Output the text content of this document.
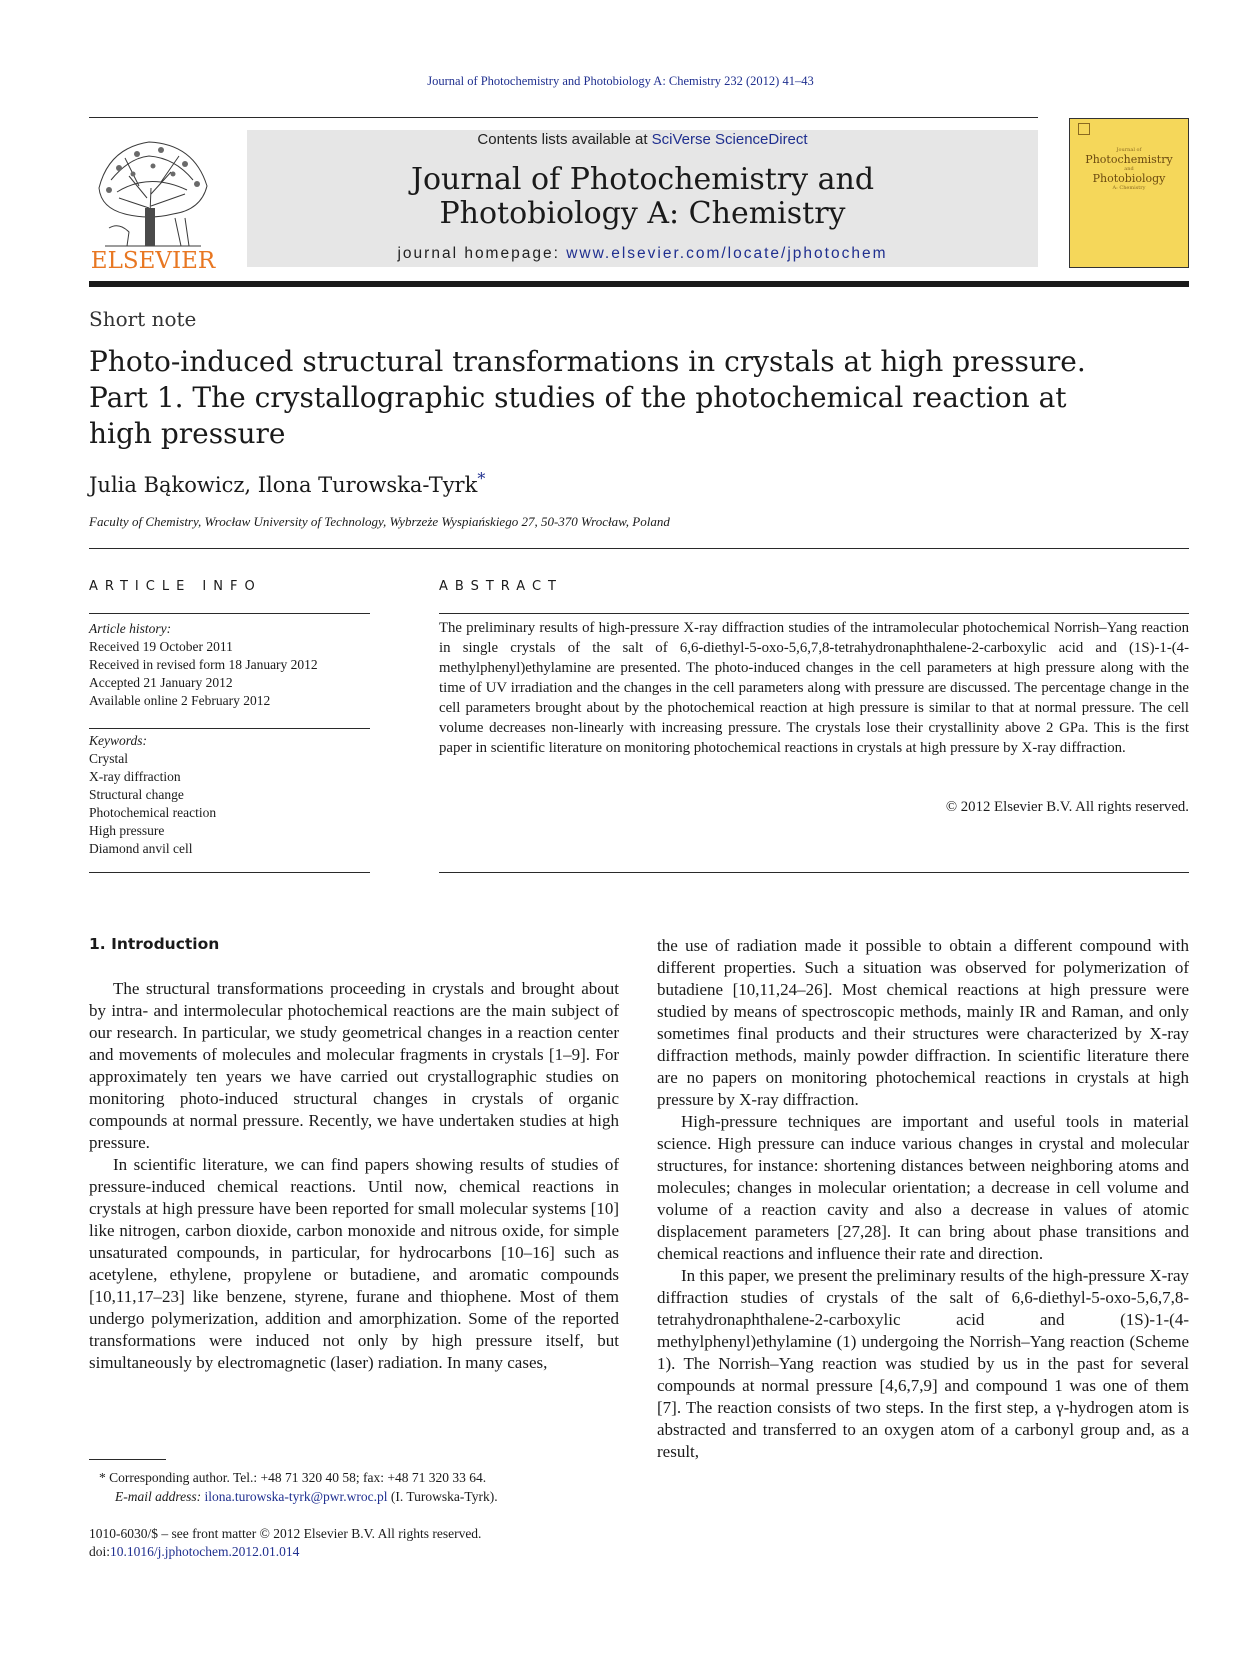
Journal of Photochemistry and Photobiology A: Chemistry 232 (2012) 41–43
ELSEVIER
Contents lists available at SciVerse ScienceDirect
Journal of Photochemistry and Photobiology A: Chemistry
journal homepage: www.elsevier.com/locate/jphotochem
Journal of
Photochemistry

and
Photobiology

A: Chemistry
Short note
Photo-induced structural transformations in crystals at high pressure.
Part 1. The crystallographic studies of the photochemical reaction at
high pressure
Julia Bąkowicz, Ilona Turowska-Tyrk*
Faculty of Chemistry, Wrocław University of Technology, Wybrzeże Wyspiańskiego 27, 50-370 Wrocław, Poland
ARTICLE INFO	ABSTRACT
Article history:
Received 19 October 2011
Received in revised form 18 January 2012
Accepted 21 January 2012
Available online 2 February 2012
Keywords:
Crystal
X-ray diffraction
Structural change
Photochemical reaction
High pressure
Diamond anvil cell
The preliminary results of high-pressure X-ray diffraction studies of the intramolecular photochemical Norrish–Yang reaction in single crystals of the salt of 6,6-diethyl-5-oxo-5,6,7,8-tetrahydronaphthalene-2-carboxylic acid and (1S)-1-(4-methylphenyl)ethylamine are presented. The photo-induced changes in the cell parameters at high pressure along with the time of UV irradiation and the changes in the cell parameters along with pressure are discussed. The percentage change in the cell parameters brought about by the photochemical reaction at high pressure is similar to that at normal pressure. The cell volume decreases non-linearly with increasing pressure. The crystals lose their crystallinity above 2 GPa. This is the first paper in scientific literature on monitoring photochemical reactions in crystals at high pressure by X-ray diffraction.
© 2012 Elsevier B.V. All rights reserved.
1. Introduction

The structural transformations proceeding in crystals and brought about by intra- and intermolecular photochemical reactions are the main subject of our research. In particular, we study geometrical changes in a reaction center and movements of molecules and molecular fragments in crystals [1–9]. For approximately ten years we have carried out crystallographic studies on monitoring photo-induced structural changes in crystals of organic compounds at normal pressure. Recently, we have undertaken studies at high pressure.

In scientific literature, we can find papers showing results of studies of pressure-induced chemical reactions. Until now, chemical reactions in crystals at high pressure have been reported for small molecular systems [10] like nitrogen, carbon dioxide, carbon monoxide and nitrous oxide, for simple unsaturated compounds, in particular, for hydrocarbons [10–16] such as acetylene, ethylene, propylene or butadiene, and aromatic compounds [10,11,17–23] like benzene, styrene, furane and thiophene. Most of them undergo polymerization, addition and amorphization. Some of the reported transformations were induced not only by high pressure itself, but simultaneously by electromagnetic (laser) radiation. In many cases,

the use of radiation made it possible to obtain a different compound with different properties. Such a situation was observed for polymerization of butadiene [10,11,24–26]. Most chemical reactions at high pressure were studied by means of spectroscopic methods, mainly IR and Raman, and only sometimes final products and their structures were characterized by X-ray diffraction methods, mainly powder diffraction. In scientific literature there are no papers on monitoring photochemical reactions in crystals at high pressure by X-ray diffraction.

High-pressure techniques are important and useful tools in material science. High pressure can induce various changes in crystal and molecular structures, for instance: shortening distances between neighboring atoms and molecules; changes in molecular orientation; a decrease in cell volume and volume of a reaction cavity and also a decrease in values of atomic displacement parameters [27,28]. It can bring about phase transitions and chemical reactions and influence their rate and direction.

In this paper, we present the preliminary results of the high-pressure X-ray diffraction studies of crystals of the salt of 6,6-diethyl-5-oxo-5,6,7,8-tetrahydronaphthalene-2-carboxylic acid and (1S)-1-(4-methylphenyl)ethylamine (1) undergoing the Norrish–Yang reaction (Scheme 1). The Norrish–Yang reaction was studied by us in the past for several compounds at normal pressure [4,6,7,9] and compound 1 was one of them [7]. The reaction consists of two steps. In the first step, a γ-hydrogen atom is abstracted and transferred to an oxygen atom of a carbonyl group and, as a result,

* Corresponding author. Tel.: +48 71 320 40 58; fax: +48 71 320 33 64.
E-mail address: ilona.turowska-tyrk@pwr.wroc.pl (I. Turowska-Tyrk).
1010-6030/$ – see front matter © 2012 Elsevier B.V. All rights reserved.
doi:10.1016/j.jphotochem.2012.01.014
